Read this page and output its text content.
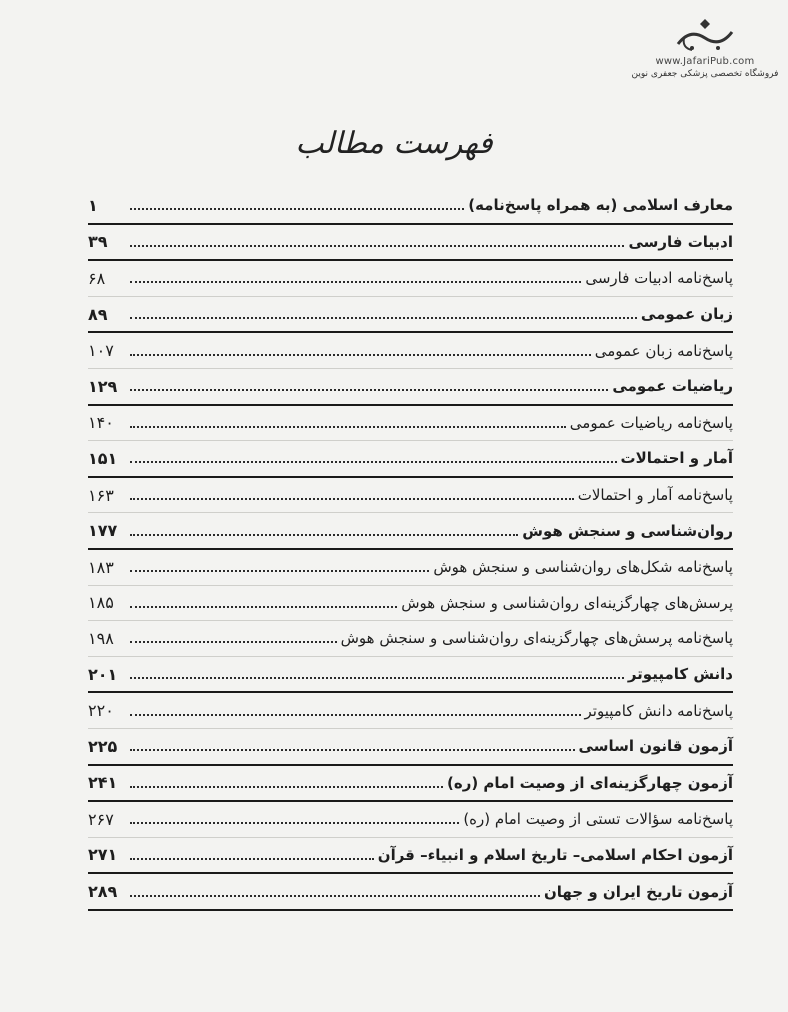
www.JafariPub.com
فروشگاه تخصصی پزشکی جعفری نوین
فهرست مطالب
معارف اسلامی (به همراه پاسخ‌نامه)
۱
ادبیات فارسی
۳۹
پاسخ‌نامه ادبیات فارسی
۶۸
زبان عمومی
۸۹
پاسخ‌نامه زبان عمومی
۱۰۷
ریاضیات عمومی
۱۲۹
پاسخ‌نامه ریاضیات عمومی
۱۴۰
آمار و احتمالات
۱۵۱
پاسخ‌نامه آمار و احتمالات
۱۶۳
روان‌شناسی و سنجش هوش
۱۷۷
پاسخ‌نامه شکل‌های روان‌شناسی و سنجش هوش
۱۸۳
پرسش‌های چهارگزینه‌ای روان‌شناسی و سنجش هوش
۱۸۵
پاسخ‌نامه پرسش‌های چهارگزینه‌ای روان‌شناسی و سنجش هوش
۱۹۸
دانش کامپیوتر
۲۰۱
پاسخ‌نامه دانش کامپیوتر
۲۲۰
آزمون قانون اساسی
۲۲۵
آزمون چهارگزینه‌ای از وصیت امام (ره)
۲۴۱
پاسخ‌نامه سؤالات تستی از وصیت امام (ره)
۲۶۷
آزمون احکام اسلامی– تاریخ اسلام و انبیاء– قرآن
۲۷۱
آزمون تاریخ ایران و جهان
۲۸۹
